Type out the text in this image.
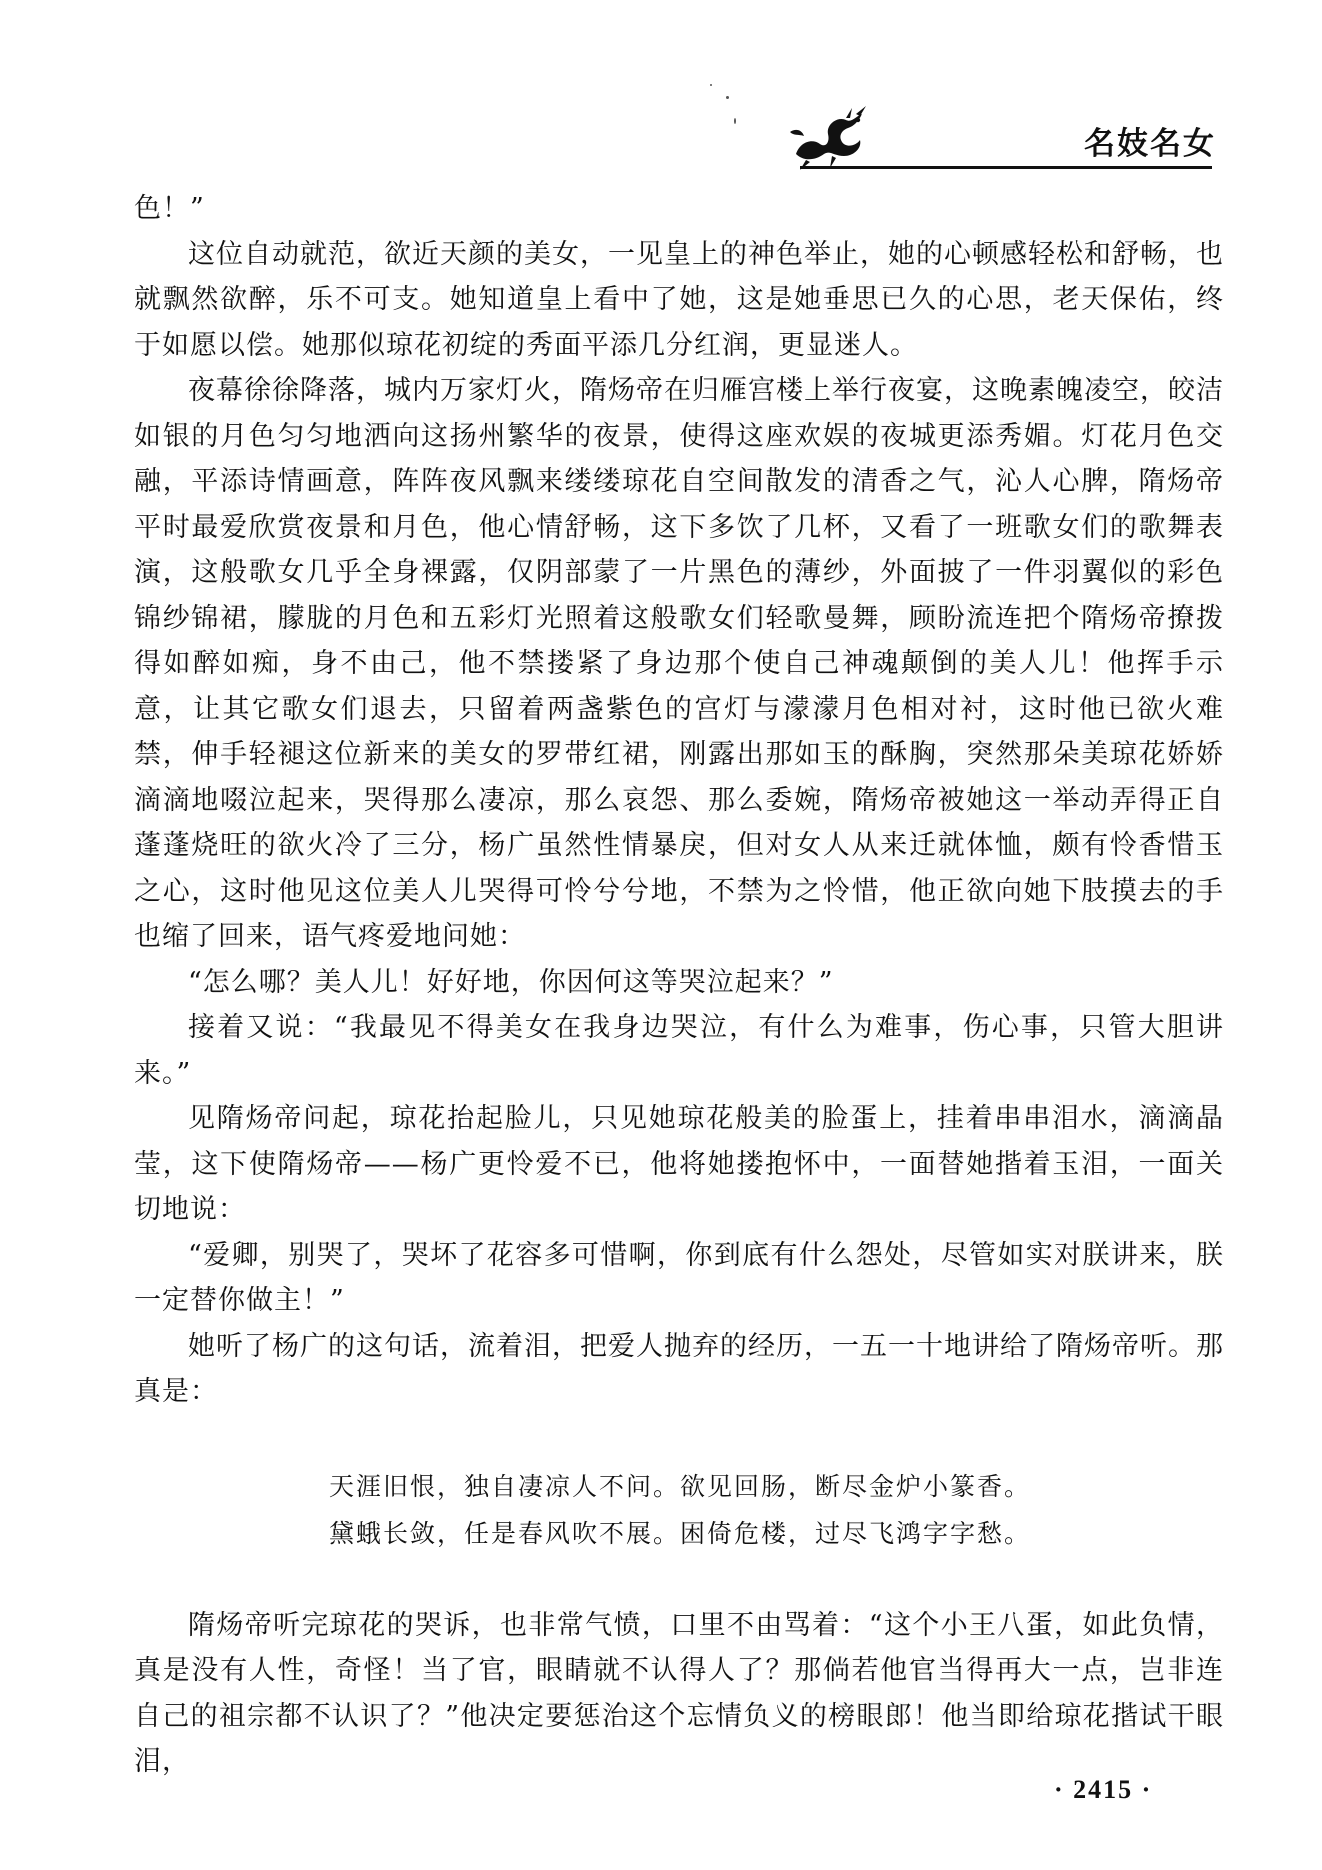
名妓名女

色！”

这位自动就范，欲近天颜的美女，一见皇上的神色举止，她的心顿感轻松和舒畅，也就飘然欲醉，乐不可支。她知道皇上看中了她，这是她垂思已久的心思，老天保佑，终于如愿以偿。她那似琼花初绽的秀面平添几分红润，更显迷人。

夜幕徐徐降落，城内万家灯火，隋炀帝在归雁宫楼上举行夜宴，这晚素魄凌空，皎洁如银的月色匀匀地洒向这扬州繁华的夜景，使得这座欢娱的夜城更添秀媚。灯花月色交融，平添诗情画意，阵阵夜风飘来缕缕琼花自空间散发的清香之气，沁人心脾，隋炀帝平时最爱欣赏夜景和月色，他心情舒畅，这下多饮了几杯，又看了一班歌女们的歌舞表演，这般歌女几乎全身裸露，仅阴部蒙了一片黑色的薄纱，外面披了一件羽翼似的彩色锦纱锦裙，朦胧的月色和五彩灯光照着这般歌女们轻歌曼舞，顾盼流连把个隋炀帝撩拨得如醉如痴，身不由己，他不禁搂紧了身边那个使自己神魂颠倒的美人儿！他挥手示意，让其它歌女们退去，只留着两盏紫色的宫灯与濛濛月色相对衬，这时他已欲火难禁，伸手轻褪这位新来的美女的罗带红裙，刚露出那如玉的酥胸，突然那朵美琼花娇娇滴滴地啜泣起来，哭得那么凄凉，那么哀怨、那么委婉，隋炀帝被她这一举动弄得正自蓬蓬烧旺的欲火冷了三分，杨广虽然性情暴戾，但对女人从来迁就体恤，颇有怜香惜玉之心，这时他见这位美人儿哭得可怜兮兮地，不禁为之怜惜，他正欲向她下肢摸去的手也缩了回来，语气疼爱地问她：

“怎么哪？美人儿！好好地，你因何这等哭泣起来？”

接着又说：“我最见不得美女在我身边哭泣，有什么为难事，伤心事，只管大胆讲来。”

见隋炀帝问起，琼花抬起脸儿，只见她琼花般美的脸蛋上，挂着串串泪水，滴滴晶莹，这下使隋炀帝——杨广更怜爱不已，他将她搂抱怀中，一面替她揩着玉泪，一面关切地说：

“爱卿，别哭了，哭坏了花容多可惜啊，你到底有什么怨处，尽管如实对朕讲来，朕一定替你做主！”

她听了杨广的这句话，流着泪，把爱人抛弃的经历，一五一十地讲给了隋炀帝听。那真是：

天涯旧恨，独自凄凉人不问。欲见回肠，断尽金炉小篆香。
黛蛾长敛，任是春风吹不展。困倚危楼，过尽飞鸿字字愁。

隋炀帝听完琼花的哭诉，也非常气愤，口里不由骂着：“这个小王八蛋，如此负情，真是没有人性，奇怪！当了官，眼睛就不认得人了？那倘若他官当得再大一点，岂非连自己的祖宗都不认识了？”他决定要惩治这个忘情负义的榜眼郎！他当即给琼花揩试干眼泪，

· 2415 ·
